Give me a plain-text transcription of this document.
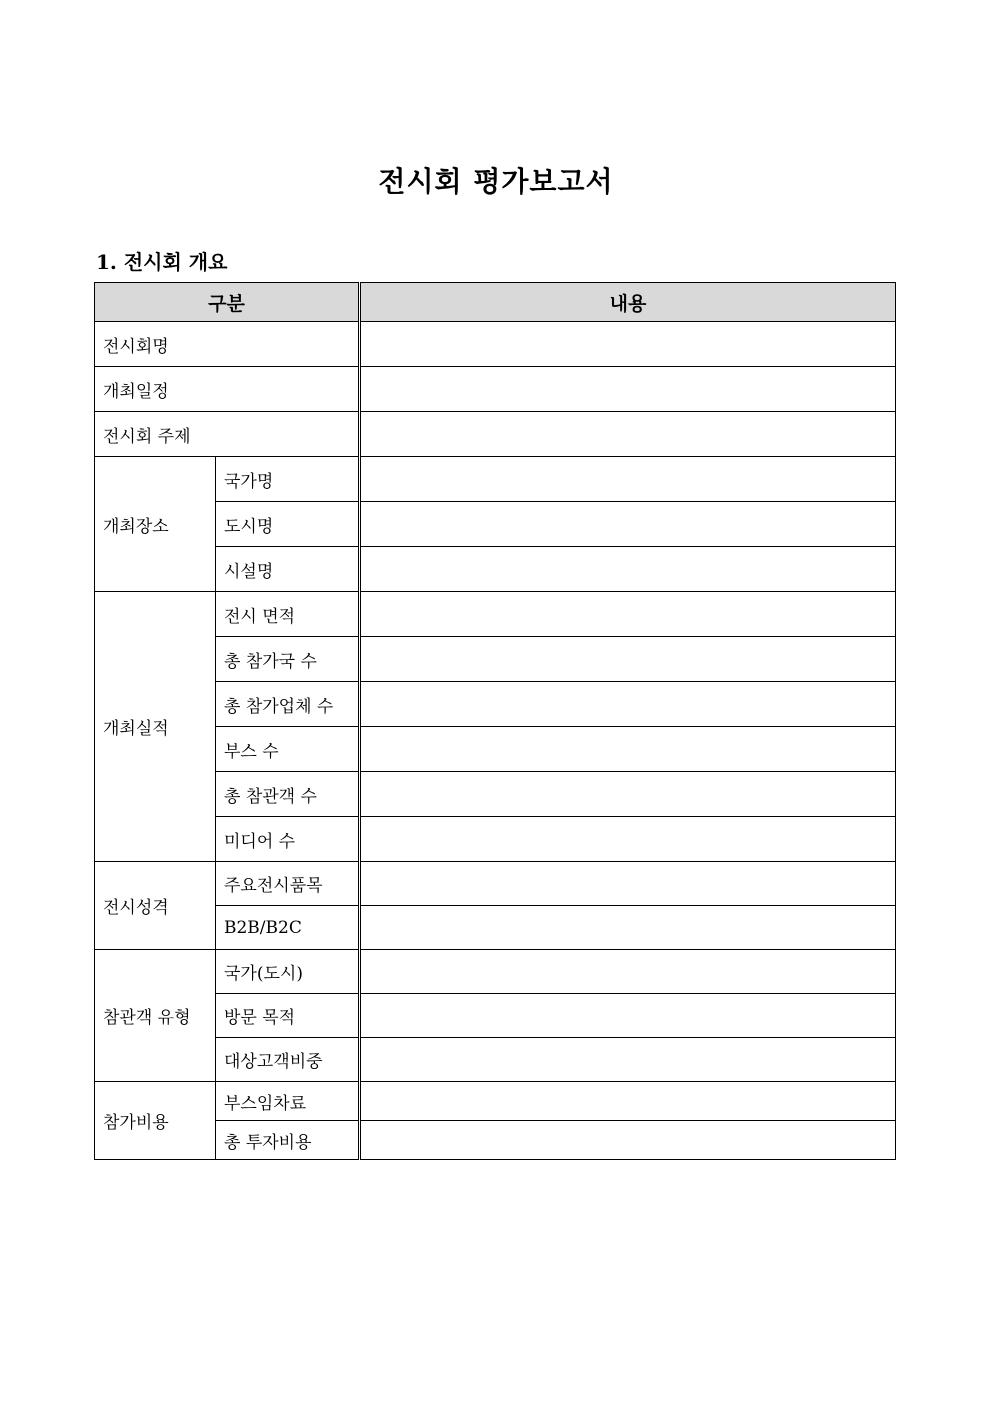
전시회 평가보고서
1. 전시회 개요
구분		내용
전시회명		
개최일정		
전시회 주제		
개최장소	국가명	
	도시명	
	시설명	
개최실적	전시 면적	
	총 참가국 수	
	총 참가업체 수	
	부스 수	
	총 참관객 수	
	미디어 수	
전시성격	주요전시품목	
	B2B/B2C	
참관객 유형	국가(도시)	
	방문 목적	
	대상고객비중	
참가비용	부스임차료	
	총 투자비용	
